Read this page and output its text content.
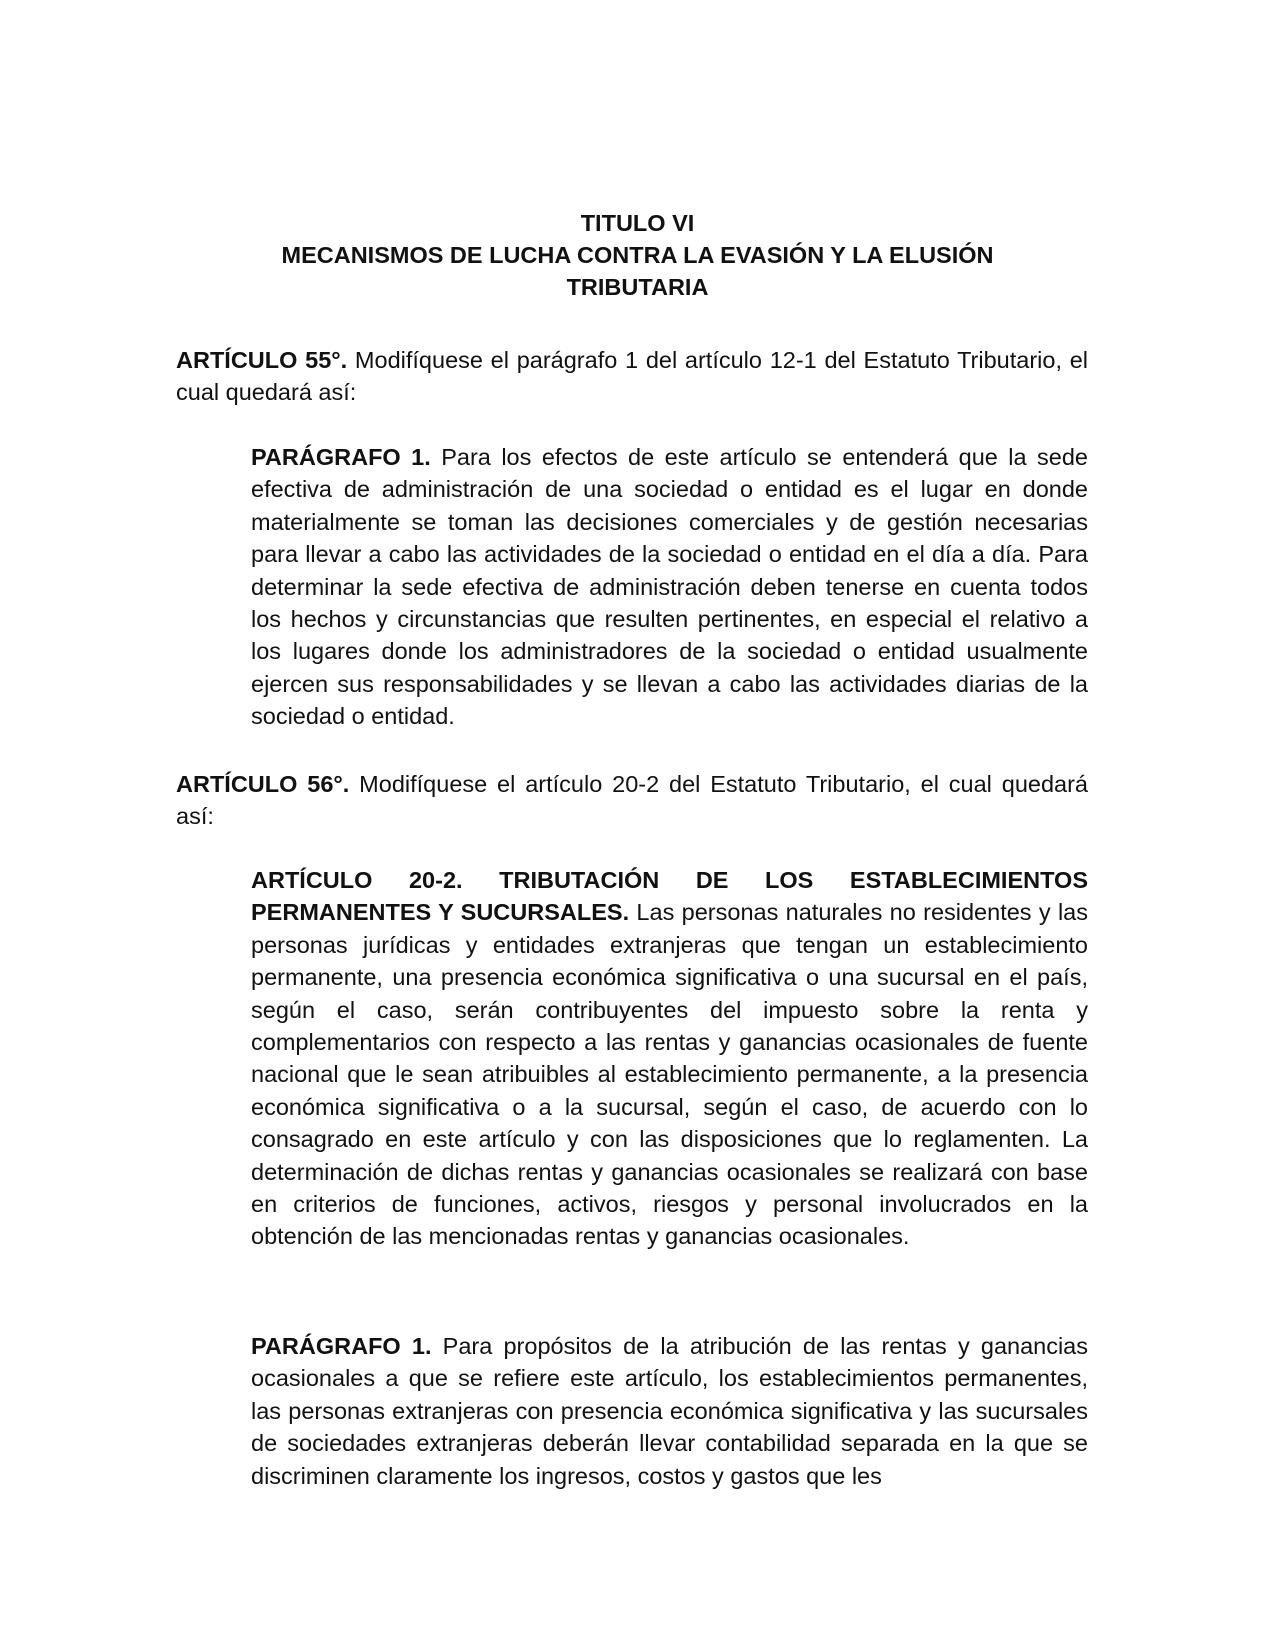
TITULO VI
MECANISMOS DE LUCHA CONTRA LA EVASIÓN Y LA ELUSIÓN
TRIBUTARIA
ARTÍCULO 55°. Modifíquese el parágrafo 1 del artículo 12-1 del Estatuto Tributario, el cual quedará así:
PARÁGRAFO 1. Para los efectos de este artículo se entenderá que la sede efectiva de administración de una sociedad o entidad es el lugar en donde materialmente se toman las decisiones comerciales y de gestión necesarias para llevar a cabo las actividades de la sociedad o entidad en el día a día. Para determinar la sede efectiva de administración deben tenerse en cuenta todos los hechos y circunstancias que resulten pertinentes, en especial el relativo a los lugares donde los administradores de la sociedad o entidad usualmente ejercen sus responsabilidades y se llevan a cabo las actividades diarias de la sociedad o entidad.
ARTÍCULO 56°. Modifíquese el artículo 20-2 del Estatuto Tributario, el cual quedará así:
ARTÍCULO 20-2. TRIBUTACIÓN DE LOS ESTABLECIMIENTOS PERMANENTES Y SUCURSALES. Las personas naturales no residentes y las personas jurídicas y entidades extranjeras que tengan un establecimiento permanente, una presencia económica significativa o una sucursal en el país, según el caso, serán contribuyentes del impuesto sobre la renta y complementarios con respecto a las rentas y ganancias ocasionales de fuente nacional que le sean atribuibles al establecimiento permanente, a la presencia económica significativa o a la sucursal, según el caso, de acuerdo con lo consagrado en este artículo y con las disposiciones que lo reglamenten. La determinación de dichas rentas y ganancias ocasionales se realizará con base en criterios de funciones, activos, riesgos y personal involucrados en la obtención de las mencionadas rentas y ganancias ocasionales.
PARÁGRAFO 1. Para propósitos de la atribución de las rentas y ganancias ocasionales a que se refiere este artículo, los establecimientos permanentes, las personas extranjeras con presencia económica significativa y las sucursales de sociedades extranjeras deberán llevar contabilidad separada en la que se discriminen claramente los ingresos, costos y gastos que les
